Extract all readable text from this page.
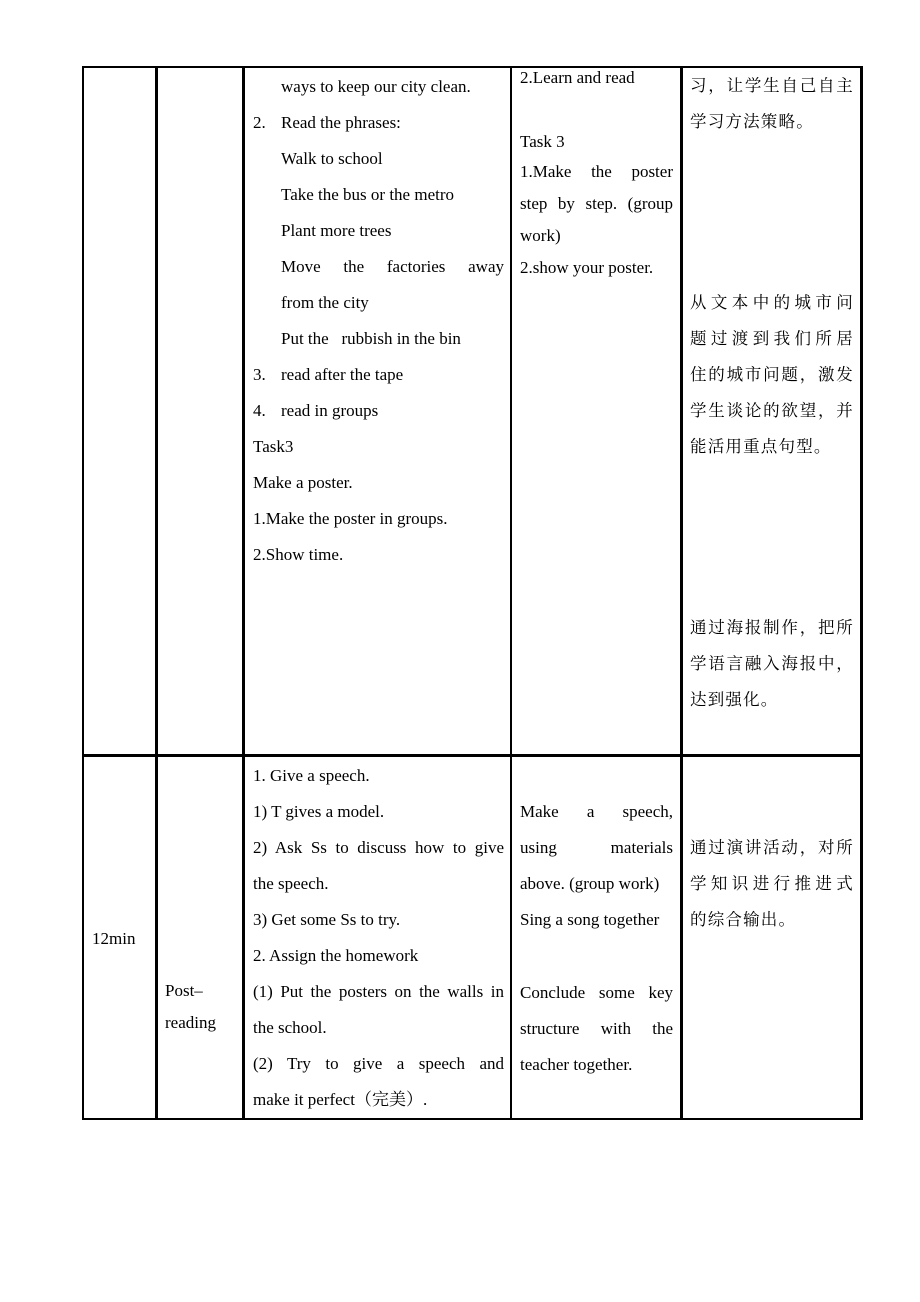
ways to keep our city clean.

2. Read the phrases:

Walk to school

Take the bus or the metro

Plant more trees

Move the factories away

from the city

Put the   rubbish in the bin

3. read after the tape

4. read in groups

Task3

Make a poster.

1.Make the poster in groups.

2.Show time.

2.Learn and read

Task 3

1.Make the poster

step by step. (group

work)

2.show your poster.

习，让学生自己自主

学习方法策略。

从文本中的城市问

题过渡到我们所居

住的城市问题，激发

学生谈论的欲望，并

能活用重点句型。

通过海报制作，把所

学语言融入海报中，

达到强化。

12min

Post–

reading

1. Give a speech.

1) T gives a model.

2) Ask Ss to discuss how to give

the speech.

3) Get some Ss to try.

2. Assign the homework

(1) Put the posters on the walls in

the school.

(2) Try to give a speech and

make it perfect（完美）.

Make a speech,

using materials

above. (group work)

Sing a song together

Conclude some key

structure with the

teacher together.

通过演讲活动，对所

学知识进行推进式

的综合输出。
